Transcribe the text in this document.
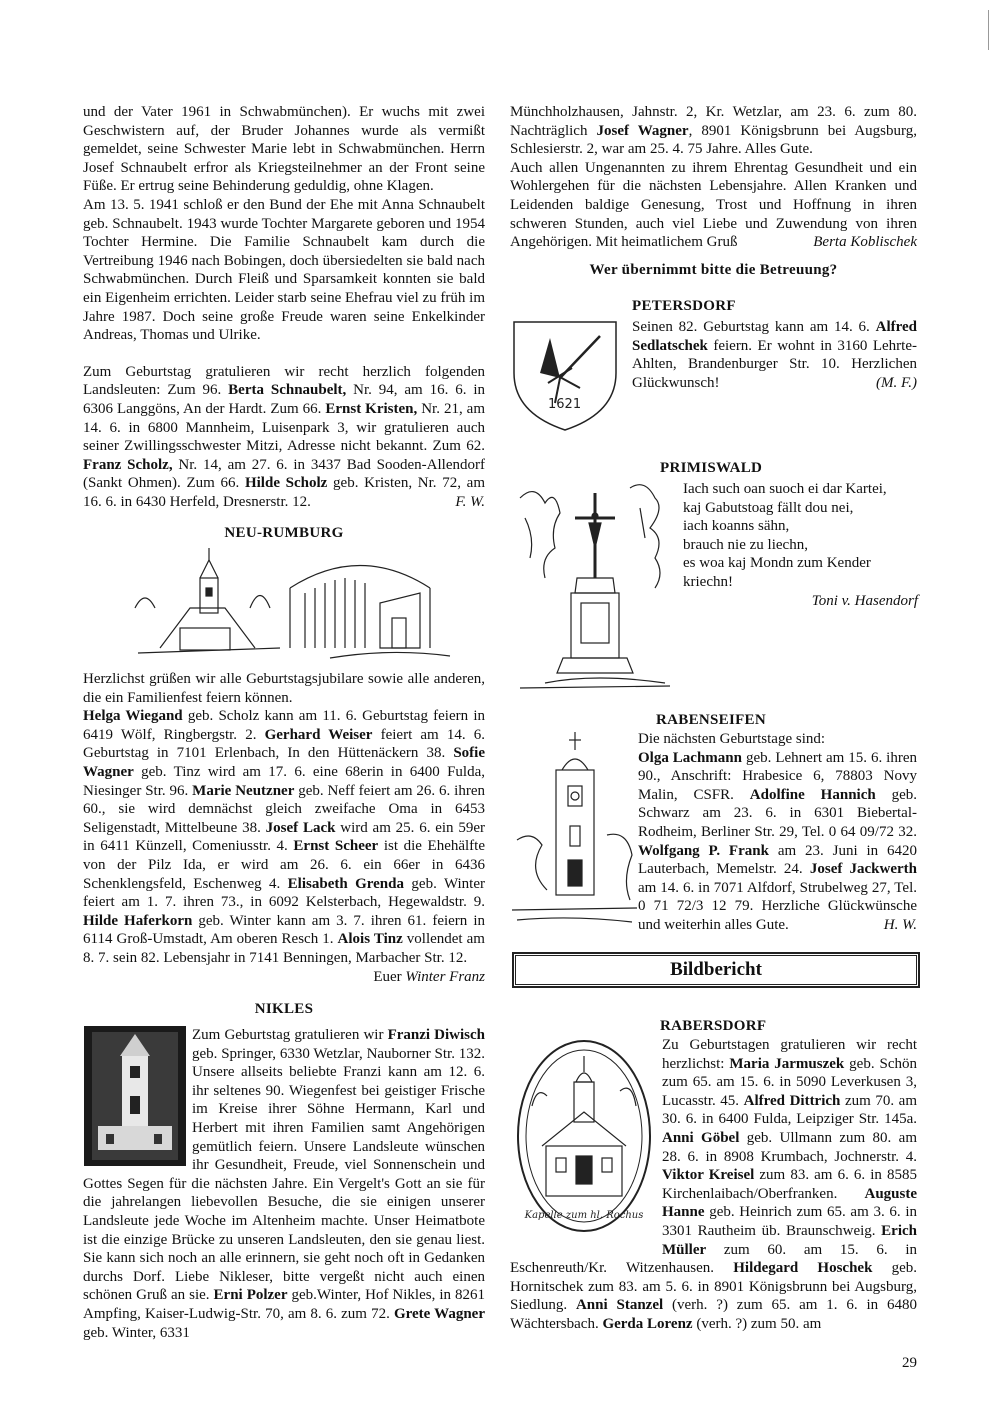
und der Vater 1961 in Schwabmünchen). Er wuchs mit zwei Geschwistern auf, der Bruder Johannes wurde als vermißt gemeldet, seine Schwester Marie lebt in Schwabmünchen. Herrn Josef Schnaubelt erfror als Kriegsteilnehmer an der Front seine Füße. Er ertrug seine Behinderung geduldig, ohne Klagen.

Am 13. 5. 1941 schloß er den Bund der Ehe mit Anna Schnaubelt geb. Schnaubelt. 1943 wurde Tochter Margarete geboren und 1954 Tochter Hermine. Die Familie Schnaubelt kam durch die Vertreibung 1946 nach Bobingen, doch übersiedelten sie bald nach Schwabmünchen. Durch Fleiß und Sparsamkeit konnten sie bald ein Eigenheim errichten. Leider starb seine Ehefrau viel zu früh im Jahre 1987. Doch seine große Freude waren seine Enkelkinder Andreas, Thomas und Ulrike.

Zum Geburtstag gratulieren wir recht herzlich folgenden Landsleuten: Zum 96. Berta Schnaubelt, Nr. 94, am 16. 6. in 6306 Langgöns, An der Hardt. Zum 66. Ernst Kristen, Nr. 21, am 14. 6. in 6800 Mannheim, Luisenpark 3, wir gratulieren auch seiner Zwillingsschwester Mitzi, Adresse nicht bekannt. Zum 62. Franz Scholz, Nr. 14, am 27. 6. in 3437 Bad Sooden-Allendorf (Sankt Ohmen). Zum 66. Hilde Scholz geb. Kristen, Nr. 72, am 16. 6. in 6430 Herfeld, Dresnerstr. 12.	F. W.

NEU-RUMBURG

Herzlichst grüßen wir alle Geburtstagsjubilare sowie alle anderen, die ein Familienfest feiern können.

Helga Wiegand geb. Scholz kann am 11. 6. Geburtstag feiern in 6419 Wölf, Ringbergstr. 2. Gerhard Weiser feiert am 14. 6. Geburtstag in 7101 Erlenbach, In den Hüttenäckern 38. Sofie Wagner geb. Tinz wird am 17. 6. eine 68erin in 6400 Fulda, Niesinger Str. 96. Marie Neutzner geb. Neff feiert am 26. 6. ihren 60., sie wird demnächst gleich zweifache Oma in 6453 Seligenstadt, Mittelbeune 38. Josef Lack wird am 25. 6. ein 59er in 6411 Künzell, Comeniusstr. 4. Ernst Scheer ist die Ehehälfte von der Pilz Ida, er wird am 26. 6. ein 66er in 6436 Schenklengsfeld, Eschenweg 4. Elisabeth Grenda geb. Winter feiert am 1. 7. ihren 73., in 6092 Kelsterbach, Hegewaldstr. 9. Hilde Haferkorn geb. Winter kann am 3. 7. ihren 61. feiern in 6114 Groß-Umstadt, Am oberen Resch 1. Alois Tinz vollendet am 8. 7. sein 82. Lebensjahr in 7141 Benningen, Marbacher Str. 12.

Euer Winter Franz

NIKLES

Zum Geburtstag gratulieren wir Franzi Diwisch geb. Springer, 6330 Wetzlar, Nauborner Str. 132. Unsere allseits beliebte Franzi kann am 12. 6. ihr seltenes 90. Wiegenfest bei geistiger Frische im Kreise ihrer Söhne Hermann, Karl und Herbert mit ihren Familien samt Angehörigen gemütlich feiern. Unsere Landsleute wünschen ihr Gesundheit, Freude, viel Sonnenschein und Gottes Segen für die nächsten Jahre. Ein Vergelt's Gott an sie für die jahrelangen liebevollen Besuche, die sie einigen unserer Landsleute jede Woche im Altenheim machte. Unser Heimatbote ist die einzige Brücke zu unseren Landsleuten, den sie genau liest. Sie kann sich noch an alle erinnern, sie geht noch oft in Gedanken durchs Dorf. Liebe Nikleser, bitte vergeßt nicht auch einen schönen Gruß an sie. Erni Polzer geb.Winter, Hof Nikles, in 8261 Ampfing, Kaiser-Ludwig-Str. 70, am 8. 6. zum 72. Grete Wagner geb. Winter, 6331

Münchholzhausen, Jahnstr. 2, Kr. Wetzlar, am 23. 6. zum 80. Nachträglich Josef Wagner, 8901 Königsbrunn bei Augsburg, Schlesierstr. 2, war am 25. 4. 75 Jahre. Alles Gute.

Auch allen Ungenannten zu ihrem Ehrentag Gesundheit und ein Wohlergehen für die nächsten Lebensjahre. Allen Kranken und Leidenden baldige Genesung, Trost und Hoffnung in ihren schweren Stunden, auch viel Liebe und Zuwendung von ihren Angehörigen. Mit heimatlichem Gruß	Berta Koblischek

Wer übernimmt bitte die Betreuung?
PETERSDORF
1621

Seinen 82. Geburtstag kann am 14. 6. Alfred Sedlatschek feiern. Er wohnt in 3160 Lehrte-Ahlten, Brandenburger Str. 10. Herzlichen Glückwunsch!	(M. F.)

PRIMISWALD
Iach such oan suoch ei dar Kartei,
kaj Gabutstoag fällt dou nei,
iach koanns sähn,
brauch nie zu liechn,
es woa kaj Mondn zum Kender
kriechn!
Toni v. Hasendorf
RABENSEIFEN

Die nächsten Geburtstage sind:

Olga Lachmann geb. Lehnert am 15. 6. ihren 90., Anschrift: Hrabesice 6, 78803 Novy Malin, CSFR. Adolfine Hannich geb. Schwarz am 23. 6. in 6301 Biebertal-Rodheim, Berliner Str. 29, Tel. 0 64 09/72 32. Wolfgang P. Frank am 23. Juni in 6420 Lauterbach, Memelstr. 24. Josef Jackwerth am 14. 6. in 7071 Alfdorf, Strubelweg 27, Tel. 0 71 72/3 12 79. Herzliche Glückwünsche und weiterhin alles Gute.	H. W.

Bildbericht
RABERSDORF
Kapelle zum hl. Rochus

Zu Geburtstagen gratulieren wir recht herzlichst: Maria Jarmuszek geb. Schön zum 65. am 15. 6. in 5090 Leverkusen 3, Lucasstr. 45. Alfred Dittrich zum 70. am 30. 6. in 6400 Fulda, Leipziger Str. 145a. Anni Göbel geb. Ullmann zum 80. am 28. 6. in 8908 Krumbach, Jochnerstr. 4. Viktor Kreisel zum 83. am 6. 6. in 8585 Kirchenlaibach/Oberfranken. Auguste Hanne geb. Heinrich zum 65. am 3. 6. in 3301 Rautheim üb. Braunschweig. Erich Müller zum 60. am 15. 6. in Eschenreuth/Kr. Witzenhausen. Hildegard Hoschek geb. Hornitschek zum 83. am 5. 6. in 8901 Königsbrunn bei Augsburg, Siedlung. Anni Stanzel (verh. ?) zum 65. am 1. 6. in 6480 Wächtersbach. Gerda Lorenz (verh. ?) zum 50. am

29
